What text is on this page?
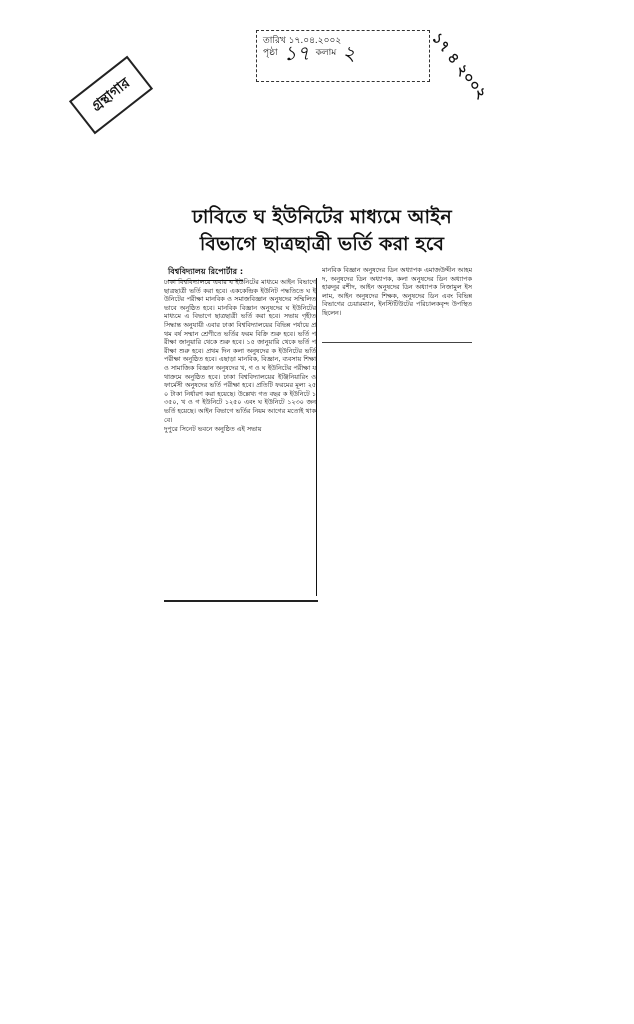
গ্রন্থাগার
তারিখ ১৭.০৪.২০০২
পৃষ্ঠা ১৭ কলাম ২	১৭ ৪ ২০০২
ঢাবিতে ঘ ইউনিটের মাধ্যমে আইন
বিভাগে ছাত্রছাত্রী ভর্তি করা হবে
বিশ্ববিদ্যালয় রিপোর্টার :

ঢাকা বিশ্ববিদ্যালয়ে এবার ঘ ইউনিটের মাধ্যমে আইন বিভাগে ছাত্রছাত্রী ভর্তি করা হবে। এককেন্দ্রিক ইউনিট পদ্ধতিতে ঘ ইউনিটের পরীক্ষা মানবিক ও সমাজবিজ্ঞান অনুষদের সম্মিলিতভাবে অনুষ্ঠিত হবে। মানবিক বিজ্ঞান অনুষদের ঘ ইউনিটের মাধ্যমে এ বিভাগে ছাত্রছাত্রী ভর্তি করা হবে। সভায় গৃহীত সিদ্ধান্ত অনুযায়ী এবার ঢাকা বিশ্ববিদ্যালয়ের বিভিন্ন পর্যায়ে প্রথম বর্ষ সম্মান শ্রেণীতে ভর্তির ফরম বিক্রি শুরু হবে। ভর্তি পরীক্ষা জানুয়ারি থেকে শুরু হবে। ১৫ জানুয়ারি থেকে ভর্তি পরীক্ষা শুরু হবে। প্রথম দিন কলা অনুষদের ক ইউনিটের ভর্তি পরীক্ষা অনুষ্ঠিত হবে। এছাড়া মানবিক, বিজ্ঞান, ব্যবসায় শিক্ষা ও সামাজিক বিজ্ঞান অনুষদের খ, গ ও ঘ ইউনিটের পরীক্ষা যথাক্রমে অনুষ্ঠিত হবে। ঢাকা বিশ্ববিদ্যালয়ের ইঞ্জিনিয়ারিং ও ফার্মেসী অনুষদের ভর্তি পরীক্ষা হবে। প্রতিটি ফরমের মূল্য ২৫০ টাকা নির্ধারণ করা হয়েছে। উল্লেখ্য গত বছর ক ইউনিটে ১৩৫০, খ ও গ ইউনিটে ১২৫০ এবং ঘ ইউনিটে ১২৩০ জন ভর্তি হয়েছে। আইন বিভাগে ভর্তির নিয়ম আগের মতোই থাকবে।

দুপুরে সিনেট ভবনে অনুষ্ঠিত এই সভায়

মানবিক বিজ্ঞান অনুষদের ডিন অধ্যাপক এমাজউদ্দীন আহমদ, অনুষদের ডিন অধ্যাপক, কলা অনুষদের ডিন অধ্যাপক হারুনুর রশীদ, আইন অনুষদের ডিন অধ্যাপক নিজামুল ইসলাম, আইন অনুষদের শিক্ষক, অনুষদের ডিন এবং বিভিন্ন বিভাগের চেয়ারম্যান, ইনস্টিটিউটের পরিচালকবৃন্দ উপস্থিত ছিলেন।
